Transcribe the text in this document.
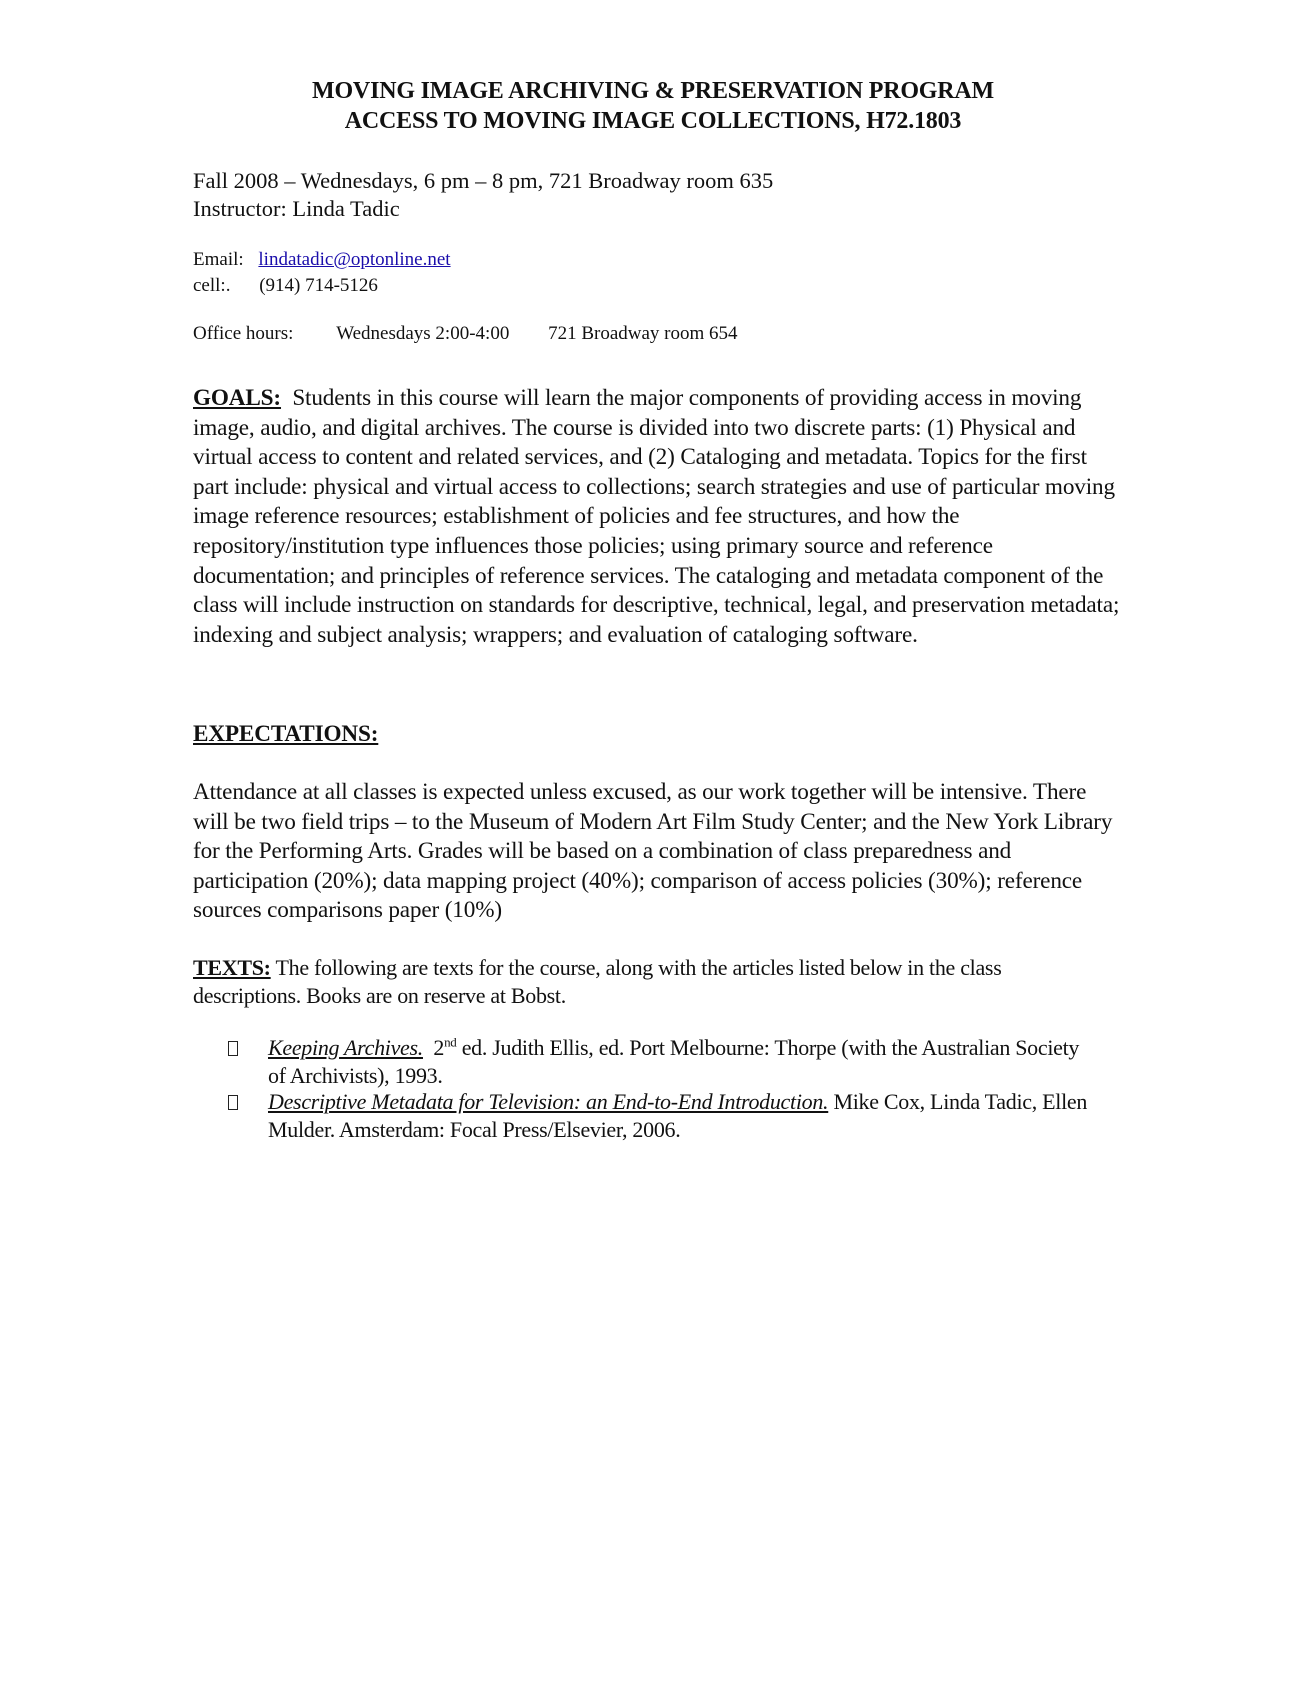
MOVING IMAGE ARCHIVING & PRESERVATION PROGRAM
ACCESS TO MOVING IMAGE COLLECTIONS, H72.1803
Fall 2008 – Wednesdays, 6 pm – 8 pm, 721 Broadway room 635
Instructor: Linda Tadic
Email: lindatadic@optonline.net
cell:. (914) 714-5126
Office hours: Wednesdays 2:00-4:00 721 Broadway room 654
GOALS: Students in this course will learn the major components of providing access in moving image, audio, and digital archives. The course is divided into two discrete parts: (1) Physical and virtual access to content and related services, and (2) Cataloging and metadata. Topics for the first part include: physical and virtual access to collections; search strategies and use of particular moving image reference resources; establishment of policies and fee structures, and how the repository/institution type influences those policies; using primary source and reference documentation; and principles of reference services. The cataloging and metadata component of the class will include instruction on standards for descriptive, technical, legal, and preservation metadata; indexing and subject analysis; wrappers; and evaluation of cataloging software.
EXPECTATIONS:
Attendance at all classes is expected unless excused, as our work together will be intensive. There will be two field trips – to the Museum of Modern Art Film Study Center; and the New York Library for the Performing Arts. Grades will be based on a combination of class preparedness and participation (20%); data mapping project (40%); comparison of access policies (30%); reference sources comparisons paper (10%)
TEXTS: The following are texts for the course, along with the articles listed below in the class descriptions. Books are on reserve at Bobst.
Keeping Archives. 2nd ed. Judith Ellis, ed. Port Melbourne: Thorpe (with the Australian Society of Archivists), 1993.
Descriptive Metadata for Television: an End-to-End Introduction. Mike Cox, Linda Tadic, Ellen Mulder. Amsterdam: Focal Press/Elsevier, 2006.
